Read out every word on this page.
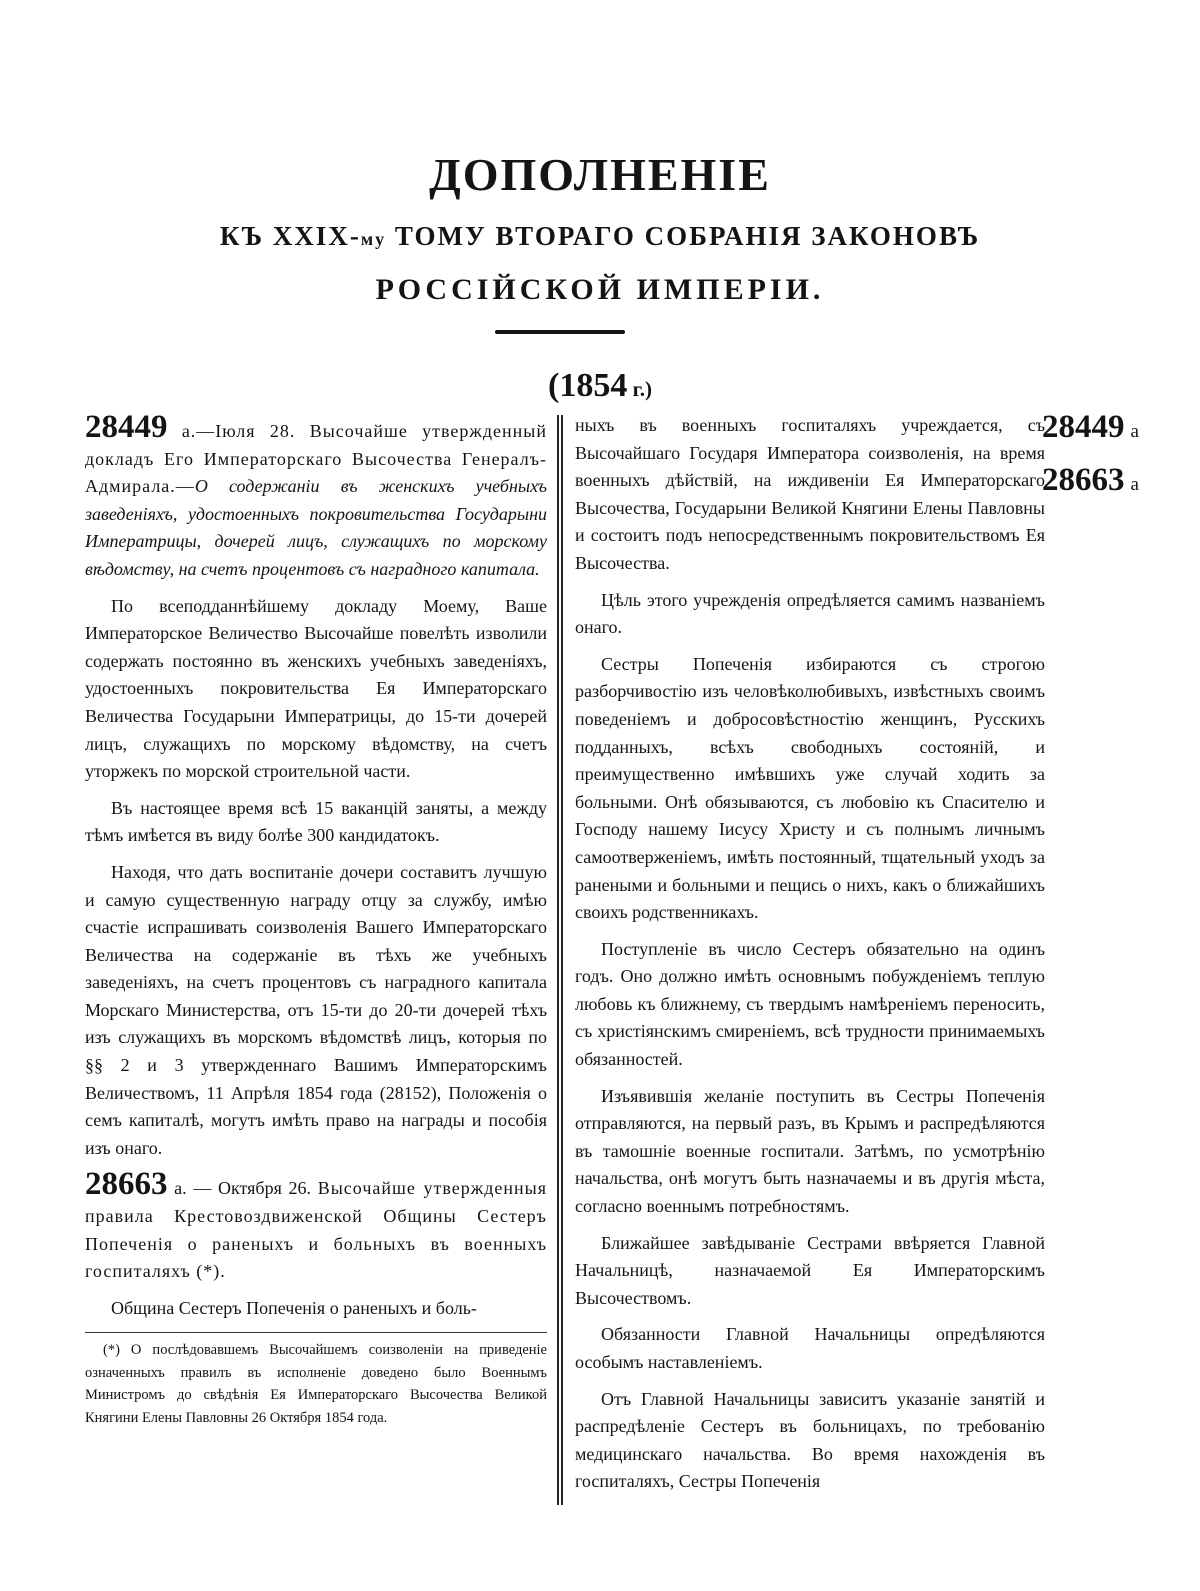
ДОПОЛНЕНІЕ
КЪ XXIX-му ТОМУ ВТОРАГО СОБРАНІЯ ЗАКОНОВЪ
РОССІЙСКОЙ ИМПЕРІИ.
(1854 г.)

28449 а.—Іюля 28. Высочайше утвержденный докладъ Его Императорскаго Высочества Генералъ-Адмирала.—О содержаніи въ женскихъ учебныхъ заведеніяхъ, удостоенныхъ покровительства Государыни Императрицы, дочерей лицъ, служащихъ по морскому вѣдомству, на счетъ процентовъ съ наградного капитала.

По всеподданнѣйшему докладу Моему, Ваше Императорское Величество Высочайше повелѣть изволили содержать постоянно въ женскихъ учебныхъ заведеніяхъ, удостоенныхъ покровительства Ея Императорскаго Величества Государыни Императрицы, до 15-ти дочерей лицъ, служащихъ по морскому вѣдомству, на счетъ уторжекъ по морской строительной части.

Въ настоящее время всѣ 15 ваканцій заняты, а между тѣмъ имѣется въ виду болѣе 300 кандидатокъ.

Находя, что дать воспитаніе дочери составитъ лучшую и самую существенную награду отцу за службу, имѣю счастіе испрашивать соизволенія Вашего Императорскаго Величества на содержаніе въ тѣхъ же учебныхъ заведеніяхъ, на счетъ процентовъ съ наградного капитала Морскаго Министерства, отъ 15-ти до 20-ти дочерей тѣхъ изъ служащихъ въ морскомъ вѣдомствѣ лицъ, которыя по §§ 2 и 3 утвержденнаго Вашимъ Императорскимъ Величествомъ, 11 Апрѣля 1854 года (28152), Положенія о семъ капиталѣ, могутъ имѣть право на награды и пособія изъ онаго.

28663 а. — Октября 26. Высочайше утвержденныя правила Крестовоздвиженской Общины Сестеръ Попеченія о раненыхъ и больныхъ въ военныхъ госпиталяхъ (*).

Община Сестеръ Попеченія о раненыхъ и боль-

(*) О послѣдовавшемъ Высочайшемъ соизволеніи на приведеніе означенныхъ правилъ въ исполненіе доведено было Военнымъ Министромъ до свѣдѣнія Ея Императорскаго Высочества Великой Княгини Елены Павловны 26 Октября 1854 года.

ныхъ въ военныхъ госпиталяхъ учреждается, съ Высочайшаго Государя Императора соизволенія, на время военныхъ дѣйствій, на иждивеніи Ея Императорскаго Высочества, Государыни Великой Княгини Елены Павловны и состоитъ подъ непосредственнымъ покровительствомъ Ея Высочества.

Цѣль этого учрежденія опредѣляется самимъ названіемъ онаго.

Сестры Попеченія избираются съ строгою разборчивостію изъ человѣколюбивыхъ, извѣстныхъ своимъ поведеніемъ и добросовѣстностію женщинъ, Русскихъ подданныхъ, всѣхъ свободныхъ состояній, и преимущественно имѣвшихъ уже случай ходить за больными. Онѣ обязываются, съ любовію къ Спасителю и Господу нашему Іисусу Христу и съ полнымъ личнымъ самоотверженіемъ, имѣть постоянный, тщательный уходъ за ранеными и больными и пещись о нихъ, какъ о ближайшихъ своихъ родственникахъ.

Поступленіе въ число Сестеръ обязательно на одинъ годъ. Оно должно имѣть основнымъ побужденіемъ теплую любовь къ ближнему, съ твердымъ намѣреніемъ переносить, съ христіянскимъ смиреніемъ, всѣ трудности принимаемыхъ обязанностей.

Изъявившія желаніе поступить въ Сестры Попеченія отправляются, на первый разъ, въ Крымъ и распредѣляются въ тамошніе военные госпитали. Затѣмъ, по усмотрѣнію начальства, онѣ могутъ быть назначаемы и въ другія мѣста, согласно военнымъ потребностямъ.

Ближайшее завѣдываніе Сестрами ввѣряется Главной Начальницѣ, назначаемой Ея Императорскимъ Высочествомъ.

Обязанности Главной Начальницы опредѣляются особымъ наставленіемъ.

Отъ Главной Начальницы зависитъ указаніе занятій и распредѣленіе Сестеръ въ больницахъ, по требованію медицинскаго начальства. Во время нахожденія въ госпиталяхъ, Сестры Попеченія

28449 а
28663 а
